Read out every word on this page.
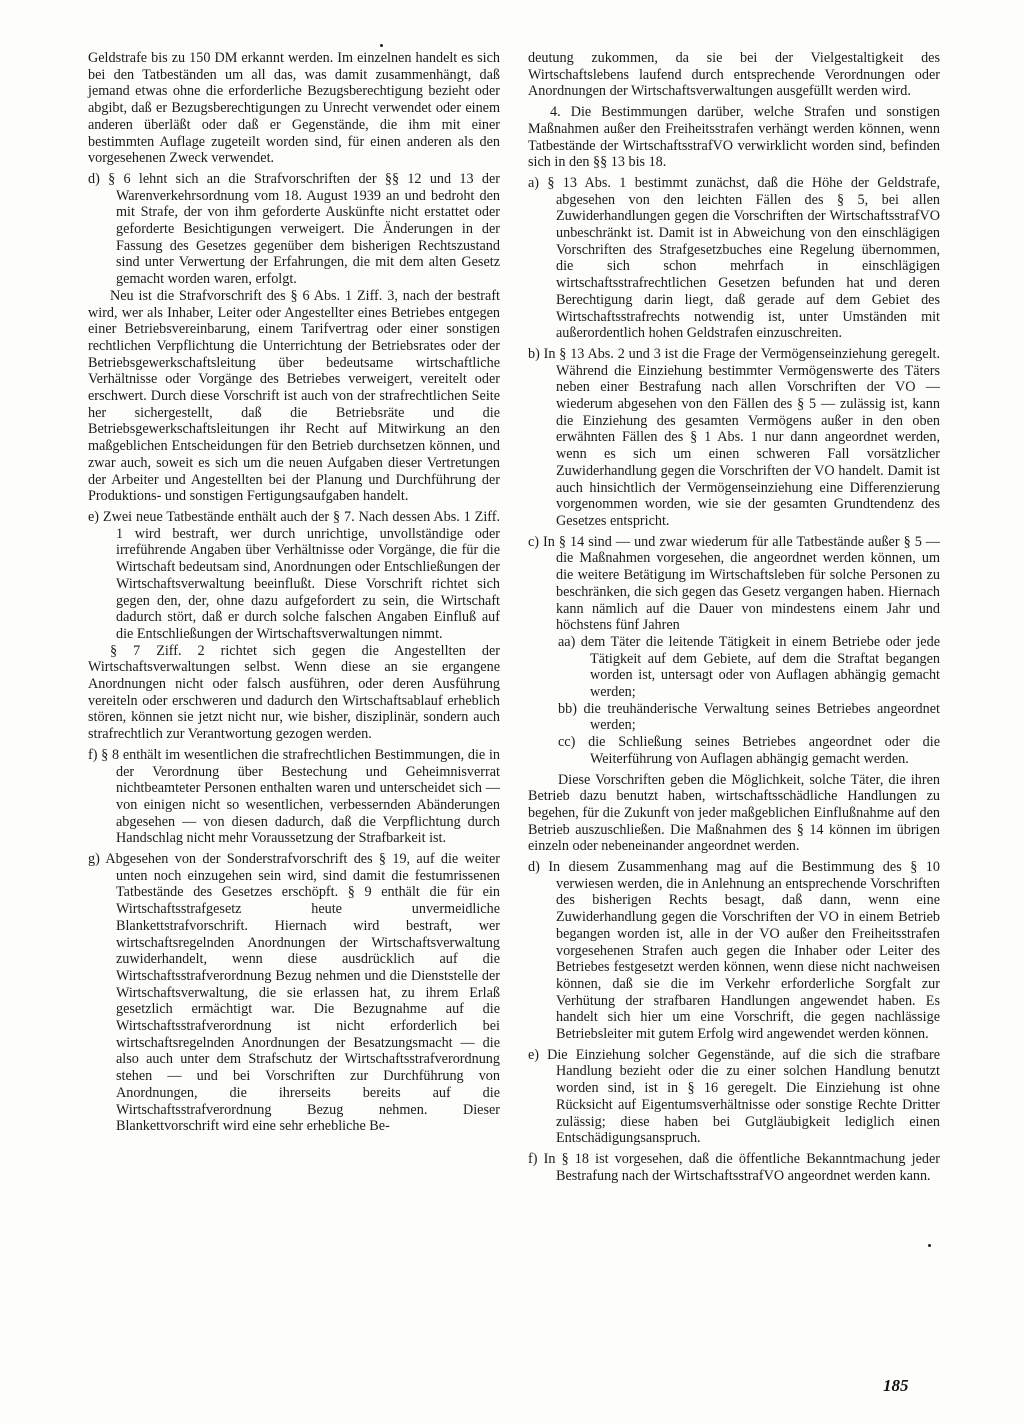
Geldstrafe bis zu 150 DM erkannt werden. Im einzelnen handelt es sich bei den Tatbeständen um all das, was damit zusammenhängt, daß jemand etwas ohne die erforderliche Bezugsberechtigung bezieht oder abgibt, daß er Bezugsberechtigungen zu Unrecht verwendet oder einem anderen überläßt oder daß er Gegenstände, die ihm mit einer bestimmten Auflage zugeteilt worden sind, für einen anderen als den vorgesehenen Zweck verwendet.

d) § 6 lehnt sich an die Strafvorschriften der §§ 12 und 13 der Warenverkehrsordnung vom 18. August 1939 an und bedroht den mit Strafe, der von ihm geforderte Auskünfte nicht erstattet oder geforderte Besichtigungen verweigert. Die Änderungen in der Fassung des Gesetzes gegenüber dem bisherigen Rechtszustand sind unter Verwertung der Erfahrungen, die mit dem alten Gesetz gemacht worden waren, erfolgt.

Neu ist die Strafvorschrift des § 6 Abs. 1 Ziff. 3, nach der bestraft wird, wer als Inhaber, Leiter oder Angestellter eines Betriebes entgegen einer Betriebsvereinbarung, einem Tarifvertrag oder einer sonstigen rechtlichen Verpflichtung die Unterrichtung der Betriebsrates oder der Betriebsgewerkschaftsleitung über bedeutsame wirtschaftliche Verhältnisse oder Vorgänge des Betriebes verweigert, vereitelt oder erschwert. Durch diese Vorschrift ist auch von der strafrechtlichen Seite her sichergestellt, daß die Betriebsräte und die Betriebsgewerkschaftsleitungen ihr Recht auf Mitwirkung an den maßgeblichen Entscheidungen für den Betrieb durchsetzen können, und zwar auch, soweit es sich um die neuen Aufgaben dieser Vertretungen der Arbeiter und Angestellten bei der Planung und Durchführung der Produktions- und sonstigen Fertigungsaufgaben handelt.

e) Zwei neue Tatbestände enthält auch der § 7. Nach dessen Abs. 1 Ziff. 1 wird bestraft, wer durch unrichtige, unvollständige oder irreführende Angaben über Verhältnisse oder Vorgänge, die für die Wirtschaft bedeutsam sind, Anordnungen oder Entschließungen der Wirtschaftsverwaltung beeinflußt. Diese Vorschrift richtet sich gegen den, der, ohne dazu aufgefordert zu sein, die Wirtschaft dadurch stört, daß er durch solche falschen Angaben Einfluß auf die Entschließungen der Wirtschaftsverwaltungen nimmt.

§ 7 Ziff. 2 richtet sich gegen die Angestellten der Wirtschaftsverwaltungen selbst. Wenn diese an sie ergangene Anordnungen nicht oder falsch ausführen, oder deren Ausführung vereiteln oder erschweren und dadurch den Wirtschaftsablauf erheblich stören, können sie jetzt nicht nur, wie bisher, disziplinär, sondern auch strafrechtlich zur Verantwortung gezogen werden.

f) § 8 enthält im wesentlichen die strafrechtlichen Bestimmungen, die in der Verordnung über Bestechung und Geheimnisverrat nichtbeamteter Personen enthalten waren und unterscheidet sich — von einigen nicht so wesentlichen, verbessernden Abänderungen abgesehen — von diesen dadurch, daß die Verpflichtung durch Handschlag nicht mehr Voraussetzung der Strafbarkeit ist.

g) Abgesehen von der Sonderstrafvorschrift des § 19, auf die weiter unten noch einzugehen sein wird, sind damit die festumrissenen Tatbestände des Gesetzes erschöpft. § 9 enthält die für ein Wirtschaftsstrafgesetz heute unvermeidliche Blankettstrafvorschrift. Hiernach wird bestraft, wer wirtschaftsregelnden Anordnungen der Wirtschaftsverwaltung zuwiderhandelt, wenn diese ausdrücklich auf die Wirtschaftsstrafverordnung Bezug nehmen und die Dienststelle der Wirtschaftsverwaltung, die sie erlassen hat, zu ihrem Erlaß gesetzlich ermächtigt war. Die Bezugnahme auf die Wirtschaftsstrafverordnung ist nicht erforderlich bei wirtschaftsregelnden Anordnungen der Besatzungsmacht — die also auch unter dem Strafschutz der Wirtschaftsstrafverordnung stehen — und bei Vorschriften zur Durchführung von Anordnungen, die ihrerseits bereits auf die Wirtschaftsstrafverordnung Bezug nehmen. Dieser Blankettvorschrift wird eine sehr erhebliche Be-

deutung zukommen, da sie bei der Vielgestaltigkeit des Wirtschaftslebens laufend durch entsprechende Verordnungen oder Anordnungen der Wirtschaftsverwaltungen ausgefüllt werden wird.

4. Die Bestimmungen darüber, welche Strafen und sonstigen Maßnahmen außer den Freiheitsstrafen verhängt werden können, wenn Tatbestände der WirtschaftsstrafVO verwirklicht worden sind, befinden sich in den §§ 13 bis 18.

a) § 13 Abs. 1 bestimmt zunächst, daß die Höhe der Geldstrafe, abgesehen von den leichten Fällen des § 5, bei allen Zuwiderhandlungen gegen die Vorschriften der WirtschaftsstrafVO unbeschränkt ist. Damit ist in Abweichung von den einschlägigen Vorschriften des Strafgesetzbuches eine Regelung übernommen, die sich schon mehrfach in einschlägigen wirtschaftsstrafrechtlichen Gesetzen befunden hat und deren Berechtigung darin liegt, daß gerade auf dem Gebiet des Wirtschaftsstrafrechts notwendig ist, unter Umständen mit außerordentlich hohen Geldstrafen einzuschreiten.

b) In § 13 Abs. 2 und 3 ist die Frage der Vermögenseinziehung geregelt. Während die Einziehung bestimmter Vermögenswerte des Täters neben einer Bestrafung nach allen Vorschriften der VO — wiederum abgesehen von den Fällen des § 5 — zulässig ist, kann die Einziehung des gesamten Vermögens außer in den oben erwähnten Fällen des § 1 Abs. 1 nur dann angeordnet werden, wenn es sich um einen schweren Fall vorsätzlicher Zuwiderhandlung gegen die Vorschriften der VO handelt. Damit ist auch hinsichtlich der Vermögenseinziehung eine Differenzierung vorgenommen worden, wie sie der gesamten Grundtendenz des Gesetzes entspricht.

c) In § 14 sind — und zwar wiederum für alle Tatbestände außer § 5 — die Maßnahmen vorgesehen, die angeordnet werden können, um die weitere Betätigung im Wirtschaftsleben für solche Personen zu beschränken, die sich gegen das Gesetz vergangen haben. Hiernach kann nämlich auf die Dauer von mindestens einem Jahr und höchstens fünf Jahren

aa) dem Täter die leitende Tätigkeit in einem Betriebe oder jede Tätigkeit auf dem Gebiete, auf dem die Straftat begangen worden ist, untersagt oder von Auflagen abhängig gemacht werden;

bb) die treuhänderische Verwaltung seines Betriebes angeordnet werden;

cc) die Schließung seines Betriebes angeordnet oder die Weiterführung von Auflagen abhängig gemacht werden.

Diese Vorschriften geben die Möglichkeit, solche Täter, die ihren Betrieb dazu benutzt haben, wirtschaftsschädliche Handlungen zu begehen, für die Zukunft von jeder maßgeblichen Einflußnahme auf den Betrieb auszuschließen. Die Maßnahmen des § 14 können im übrigen einzeln oder nebeneinander angeordnet werden.

d) In diesem Zusammenhang mag auf die Bestimmung des § 10 verwiesen werden, die in Anlehnung an entsprechende Vorschriften des bisherigen Rechts besagt, daß dann, wenn eine Zuwiderhandlung gegen die Vorschriften der VO in einem Betrieb begangen worden ist, alle in der VO außer den Freiheitsstrafen vorgesehenen Strafen auch gegen die Inhaber oder Leiter des Betriebes festgesetzt werden können, wenn diese nicht nachweisen können, daß sie die im Verkehr erforderliche Sorgfalt zur Verhütung der strafbaren Handlungen angewendet haben. Es handelt sich hier um eine Vorschrift, die gegen nachlässige Betriebsleiter mit gutem Erfolg wird angewendet werden können.

e) Die Einziehung solcher Gegenstände, auf die sich die strafbare Handlung bezieht oder die zu einer solchen Handlung benutzt worden sind, ist in § 16 geregelt. Die Einziehung ist ohne Rücksicht auf Eigentumsverhältnisse oder sonstige Rechte Dritter zulässig; diese haben bei Gutgläubigkeit lediglich einen Entschädigungsanspruch.

f) In § 18 ist vorgesehen, daß die öffentliche Bekanntmachung jeder Bestrafung nach der WirtschaftsstrafVO angeordnet werden kann.

185
